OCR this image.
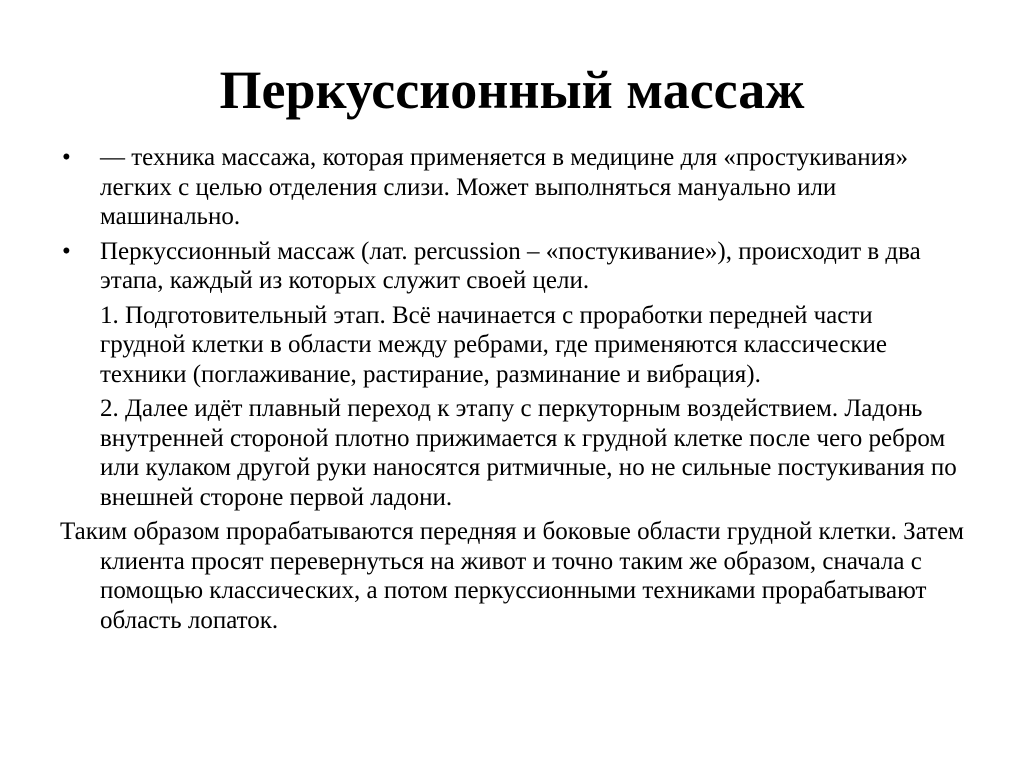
Перкуссионный массаж
• — техника массажа, которая применяется в медицине для «простукивания» легких с целью отделения слизи. Может выполняться мануально или машинально.
• Перкуссионный массаж (лат. percussion – «постукивание»), происходит в два этапа, каждый из которых служит своей цели.
1. Подготовительный этап. Всё начинается с проработки передней части грудной клетки в области между ребрами, где применяются классические техники (поглаживание, растирание, разминание и вибрация).
2. Далее идёт плавный переход к этапу с перкуторным воздействием. Ладонь внутренней стороной плотно прижимается к грудной клетке после чего ребром или кулаком другой руки наносятся ритмичные, но не сильные постукивания по внешней стороне первой ладони.
Таким образом прорабатываются передняя и боковые области грудной клетки. Затем клиента просят перевернуться на живот и точно таким же образом, сначала с помощью классических, а потом перкуссионными техниками прорабатывают область лопаток.
